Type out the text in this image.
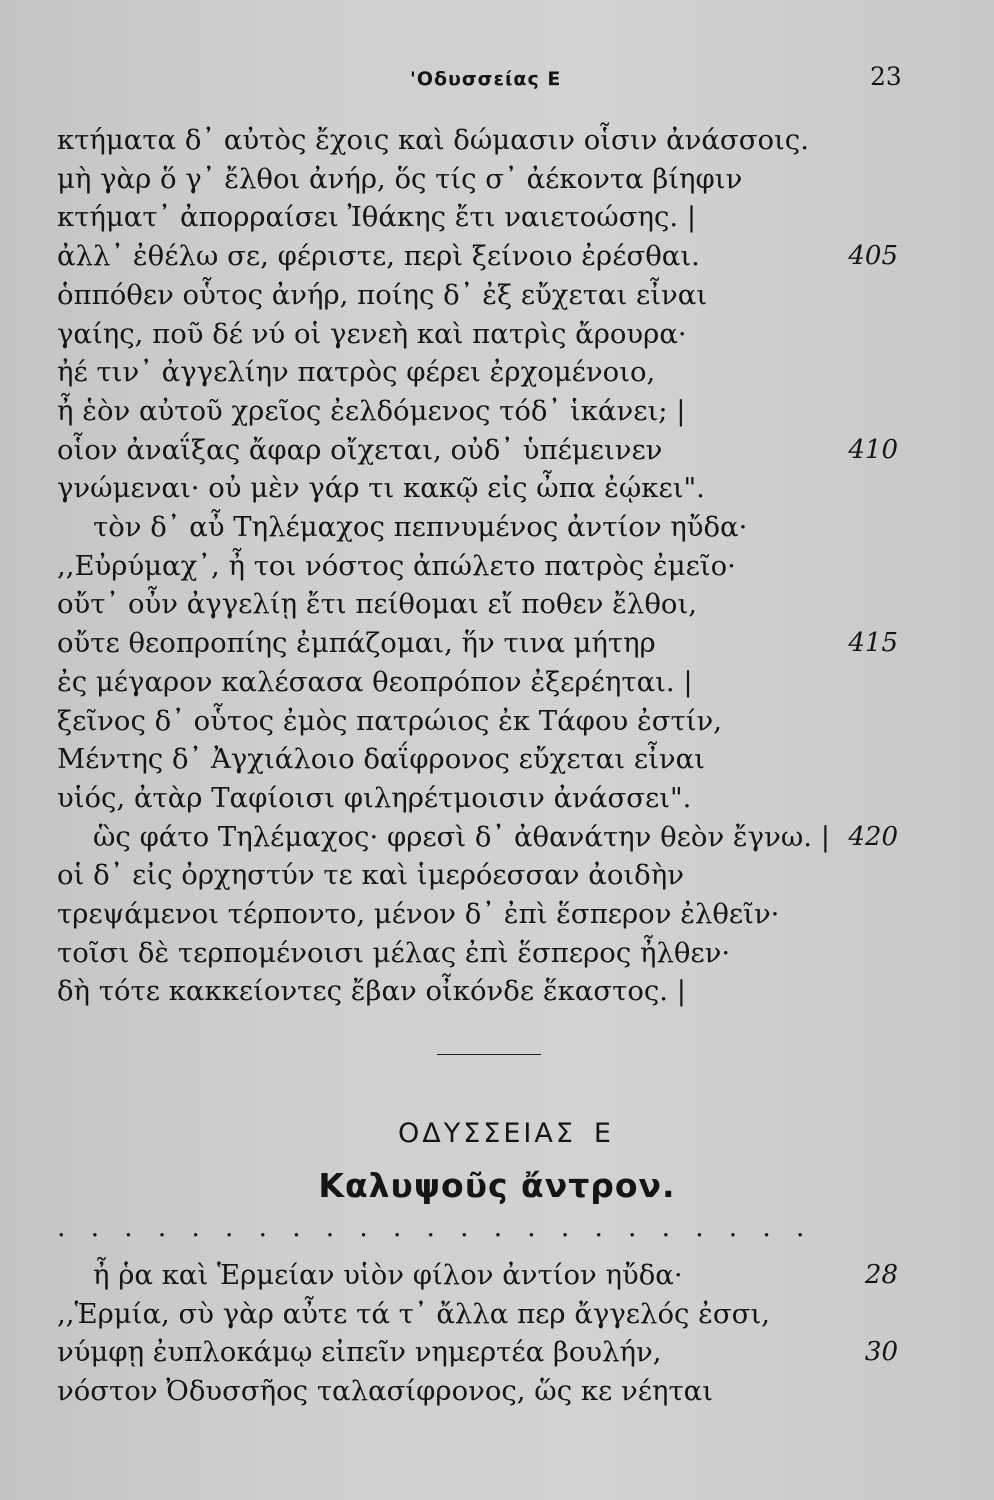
'Οδυσσείας Ε	23
κτήματα δ᾽ αὐτὸς ἔχοις καὶ δώμασιν οἷσιν ἀνάσσοις.
μὴ γὰρ ὅ γ᾽ ἔλθοι ἀνήρ, ὅς τίς σ᾽ ἀέκοντα βίηφιν
κτήματ᾽ ἀπορραίσει Ἰθάκης ἔτι ναιετοώσης. |
ἀλλ᾽ ἐθέλω σε, φέριστε, περὶ ξείνοιο ἐρέσθαι.	405
ὁππόθεν οὗτος ἀνήρ, ποίης δ᾽ ἐξ εὔχεται εἶναι
γαίης, ποῦ δέ νύ οἱ γενεὴ καὶ πατρὶς ἄρουρα·
ἠέ τιν᾽ ἀγγελίην πατρὸς φέρει ἐρχομένοιο,
ἦ ἑὸν αὐτοῦ χρεῖος ἐελδόμενος τόδ᾽ ἱκάνει; |
οἷον ἀναΐξας ἄφαρ οἴχεται, οὐδ᾽ ὑπέμεινεν	410
γνώμεναι· οὐ μὲν γάρ τι κακῷ εἰς ὦπα ἐῴκει".
τὸν δ᾽ αὖ Τηλέμαχος πεπνυμένος ἀντίον ηὔδα·
,,Εὐρύμαχ᾽, ἦ τοι νόστος ἀπώλετο πατρὸς ἐμεῖο·
οὔτ᾽ οὖν ἀγγελίῃ ἔτι πείθομαι εἴ ποθεν ἔλθοι,
οὔτε θεοπροπίης ἐμπάζομαι, ἥν τινα μήτηρ	415
ἐς μέγαρον καλέσασα θεοπρόπον ἐξερέηται. |
ξεῖνος δ᾽ οὗτος ἐμὸς πατρώιος ἐκ Τάφου ἐστίν,
Μέντης δ᾽ Ἀγχιάλοιο δαΐφρονος εὔχεται εἶναι
υἱός, ἀτὰρ Ταφίοισι φιληρέτμοισιν ἀνάσσει".
ὣς φάτο Τηλέμαχος· φρεσὶ δ᾽ ἀθανάτην θεὸν ἔγνω. | 420
οἱ δ᾽ εἰς ὀρχηστύν τε καὶ ἱμερόεσσαν ἀοιδὴν
τρεψάμενοι τέρποντο, μένον δ᾽ ἐπὶ ἕσπερον ἐλθεῖν·
τοῖσι δὲ τερπομένοισι μέλας ἐπὶ ἕσπερος ἦλθεν·
δὴ τότε κακκείοντες ἔβαν οἶκόνδε ἕκαστος. |
ΟΔΥΣΣΕΙΑΣ Ε
Καλυψοῦς ἄντρον.
.......................
ἦ ῥα καὶ Ἑρμείαν υἱὸν φίλον ἀντίον ηὔδα·	28
,,Ἑρμία, σὺ γὰρ αὖτε τά τ᾽ ἄλλα περ ἄγγελός ἐσσι,
νύμφῃ ἐυπλοκάμῳ εἰπεῖν νημερτέα βουλήν,	30
νόστον Ὀδυσσῆος ταλασίφρονος, ὥς κε νέηται
